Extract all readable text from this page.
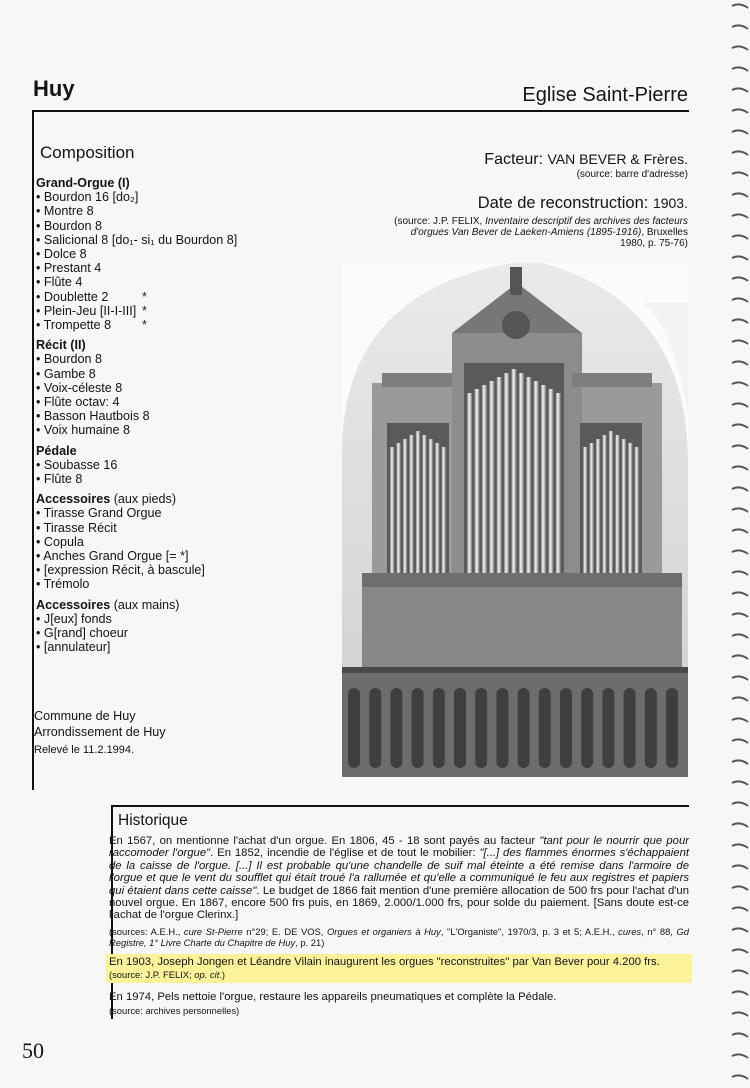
Huy	Eglise Saint-Pierre
Composition
Grand-Orgue (I)
• Bourdon 16 [do₂]
• Montre 8
• Bourdon 8
• Salicional 8 [do₁- si₁ du Bourdon 8]
• Dolce 8
• Prestant 4
• Flûte 4
• Doublette 2	*
• Plein-Jeu [II-I-III] *
• Trompette 8 *
Récit (II)
• Bourdon 8
• Gambe 8
• Voix-céleste 8
• Flûte octav: 4
• Basson Hautbois 8
• Voix humaine 8
Pédale
• Soubasse 16
• Flûte 8
Accessoires (aux pieds)
• Tirasse Grand Orgue
• Tirasse Récit
• Copula
• Anches Grand Orgue [= *]
• [expression Récit, à bascule]
• Trémolo
Accessoires (aux mains)
• J[eux] fonds
• G[rand] choeur
• [annulateur]
Facteur: VAN BEVER & Frères.
(source: barre d'adresse)
Date de reconstruction: 1903.
(source: J.P. FELIX, Inventaire descriptif des archives des facteurs d'orgues Van Bever de Laeken-Amiens (1895-1916), Bruxelles 1980, p. 75-76)
Commune de Huy
Arrondissement de Huy
Relevé le 11.2.1994.
Historique

En 1567, on mentionne l'achat d'un orgue. En 1806, 45 - 18 sont payés au facteur "tant pour le nourrir que pour raccomoder l'orgue". En 1852, incendie de l'église et de tout le mobilier: "[...] des flammes énormes s'échappaient de la caisse de l'orgue. [...] Il est probable qu'une chandelle de suif mal éteinte a été remise dans l'armoire de l'orgue et que le vent du soufflet qui était troué l'a rallumée et qu'elle a communiqué le feu aux registres et papiers qui étaient dans cette caisse". Le budget de 1866 fait mention d'une première allocation de 500 frs pour l'achat d'un nouvel orgue. En 1867, encore 500 frs puis, en 1869, 2.000/1.000 frs, pour solde du paiement. [Sans doute est-ce l'achat de l'orgue Clerinx.]

(sources: A.E.H., cure St-Pierre n°29; E. DE VOS, Orgues et organiers à Huy, "L'Organiste", 1970/3, p. 3 et 5; A.E.H., cures, n° 88, Gd Registre, 1° Livre Charte du Chapitre de Huy, p. 21)

En 1903, Joseph Jongen et Léandre Vilain inaugurent les orgues "reconstruites" par Van Bever pour 4.200 frs.

(source: J.P. FELIX; op. cit.)

En 1974, Pels nettoie l'orgue, restaure les appareils pneumatiques et complète la Pédale.

(source: archives personnelles)

50
